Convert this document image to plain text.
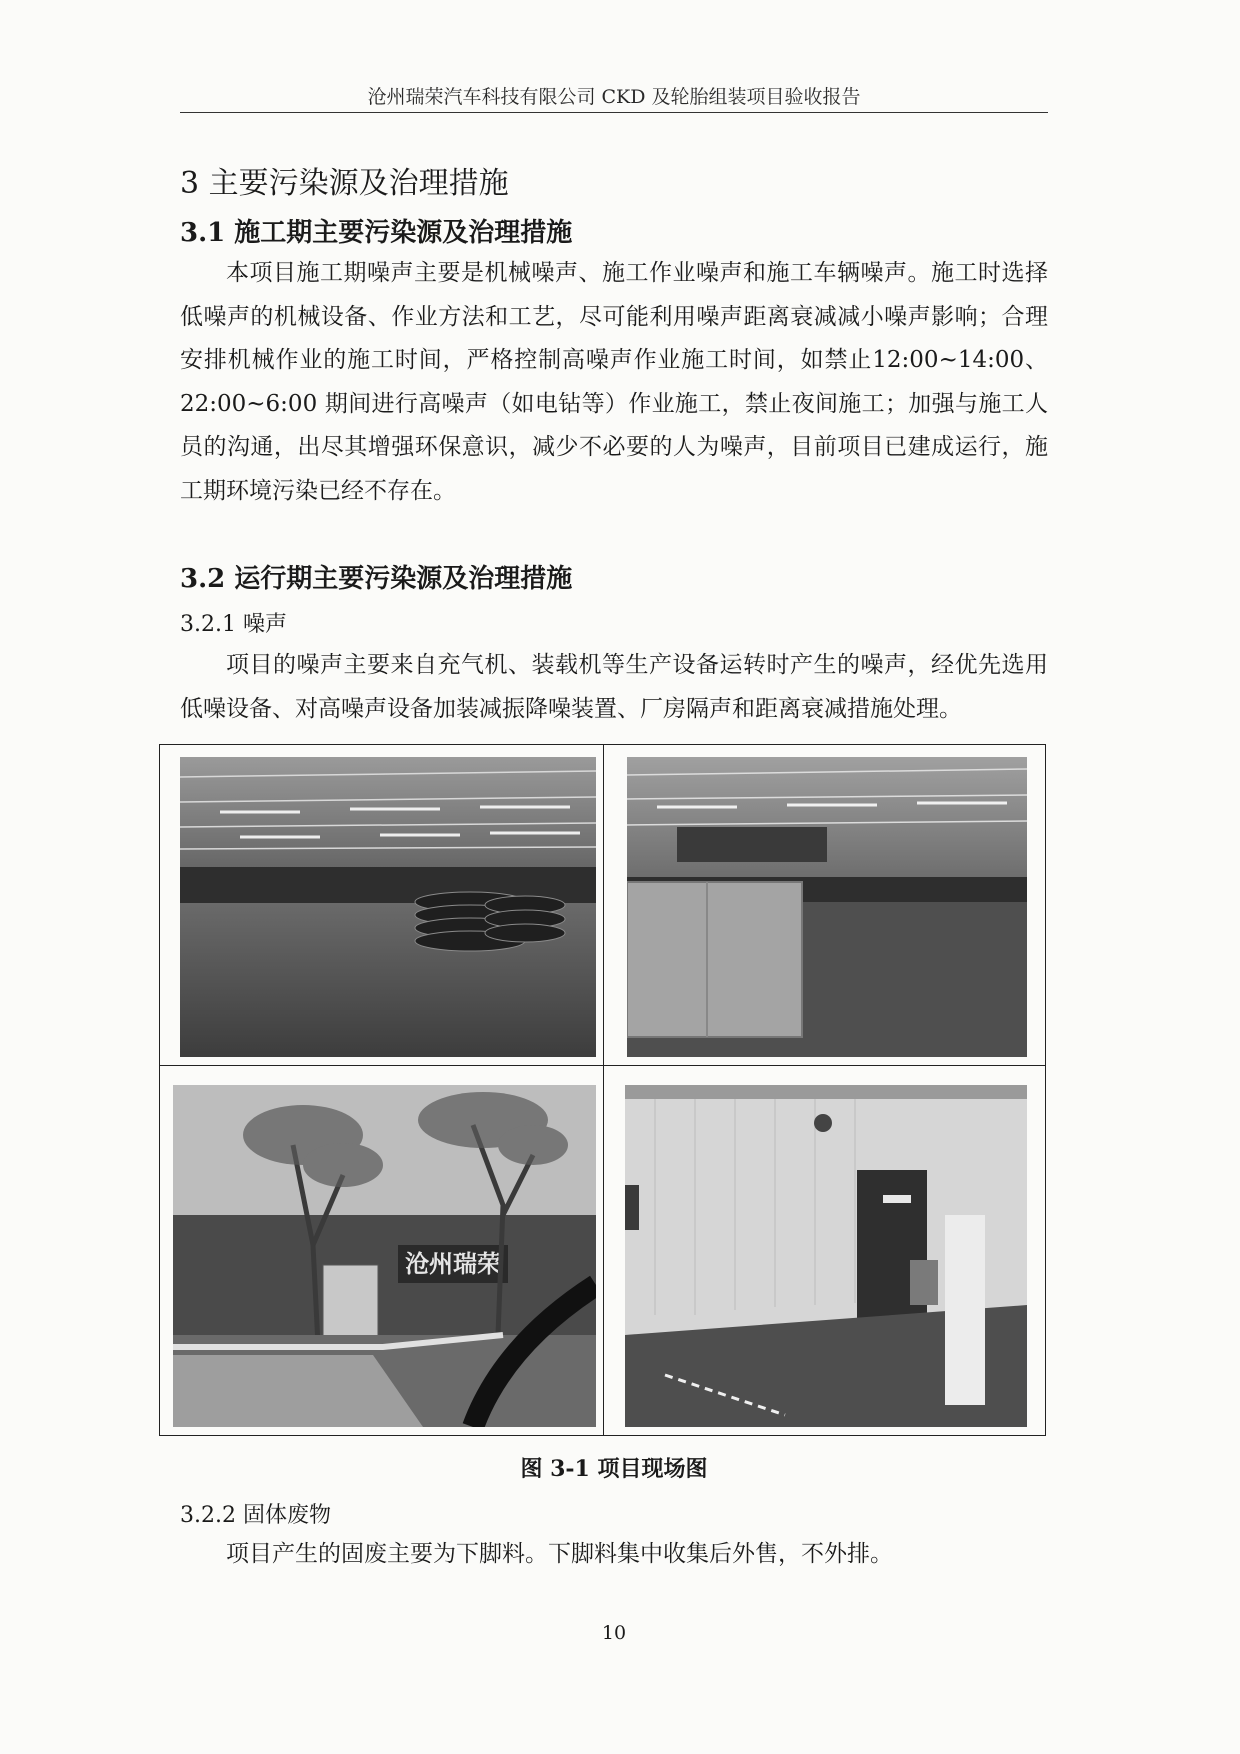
沧州瑞荣汽车科技有限公司 CKD 及轮胎组装项目验收报告
3 主要污染源及治理措施
3.1 施工期主要污染源及治理措施

本项目施工期噪声主要是机械噪声、施工作业噪声和施工车辆噪声。施工时选择低噪声的机械设备、作业方法和工艺，尽可能利用噪声距离衰减减小噪声影响；合理安排机械作业的施工时间，严格控制高噪声作业施工时间，如禁止12:00~14:00、22:00~6:00 期间进行高噪声（如电钻等）作业施工，禁止夜间施工；加强与施工人员的沟通，出尽其增强环保意识，减少不必要的人为噪声，目前项目已建成运行，施工期环境污染已经不存在。

3.2 运行期主要污染源及治理措施
3.2.1 噪声

项目的噪声主要来自充气机、装载机等生产设备运转时产生的噪声，经优先选用低噪设备、对高噪声设备加装减振降噪装置、厂房隔声和距离衰减措施处理。

沧州瑞荣
图 3-1 项目现场图
3.2.2 固体废物

项目产生的固废主要为下脚料。下脚料集中收集后外售，不外排。

10
